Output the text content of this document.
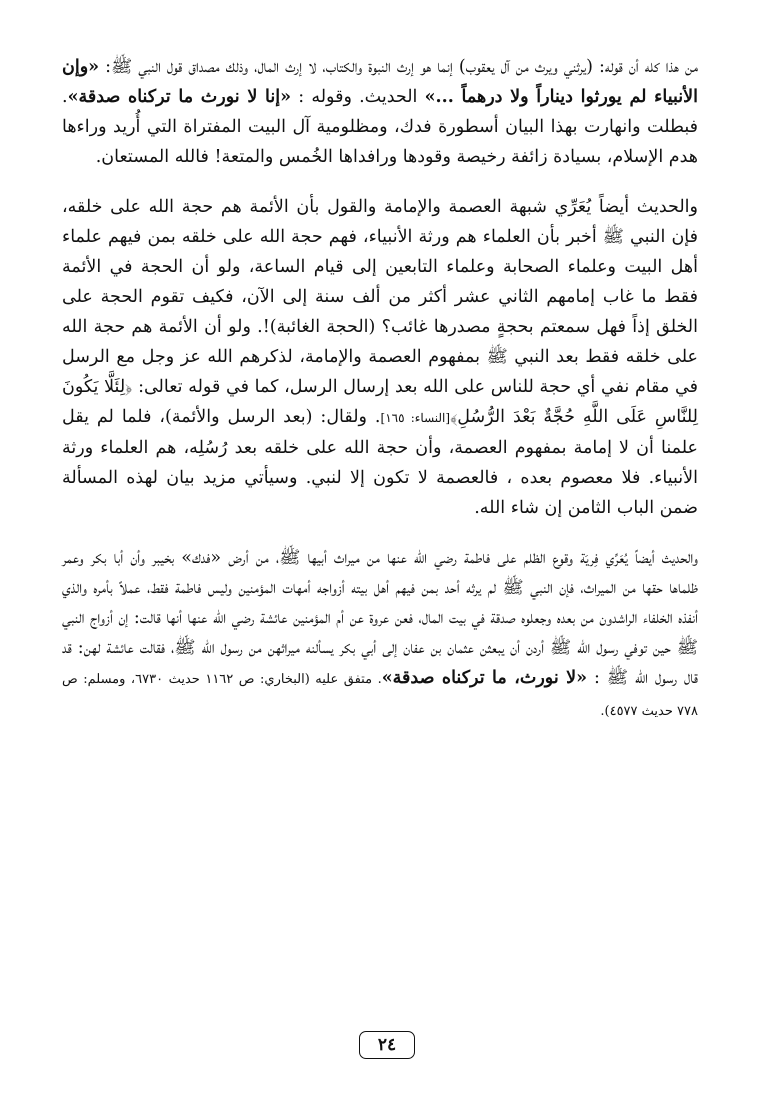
من هذا كله أن قوله: (يرثني ويرث من آل يعقوب) إنما هو إرث النبوة والكتاب، لا إرث المال، وذلك مصداق قول النبي ﷺ: «وإن الأنبياء لم يورثوا ديناراً ولا درهماً ...» الحديث. وقوله : «إنا لا نورث ما تركناه صدقة». فبطلت وانهارت بهذا البيان أسطورة فدك، ومظلومية آل البيت المفتراة التي أُريد وراءها هدم الإسلام، بسيادة زائفة رخيصة وقودها ورافداها الخُمس والمتعة! فالله المستعان.

والحديث أيضاً يُعَرِّي شبهة العصمة والإمامة والقول بأن الأئمة هم حجة الله على خلقه، فإن النبي ﷺ أخبر بأن العلماء هم ورثة الأنبياء، فهم حجة الله على خلقه بمن فيهم علماء أهل البيت وعلماء الصحابة وعلماء التابعين إلى قيام الساعة، ولو أن الحجة في الأئمة فقط ما غاب إمامهم الثاني عشر أكثر من ألف سنة إلى الآن، فكيف تقوم الحجة على الخلق إذاً فهل سمعتم بحجةٍ مصدرها غائب؟ (الحجة الغائبة)!. ولو أن الأئمة هم حجة الله على خلقه فقط بعد النبي ﷺ بمفهوم العصمة والإمامة، لذكرهم الله عز وجل مع الرسل في مقام نفي أي حجة للناس على الله بعد إرسال الرسل، كما في قوله تعالى: ﴿لِئَلَّا يَكُونَ لِلنَّاسِ عَلَى اللَّهِ حُجَّةٌ بَعْدَ الرُّسُلِ﴾[النساء: ١٦٥]. ولقال: (بعد الرسل والأئمة)، فلما لم يقل علمنا أن لا إمامة بمفهوم العصمة، وأن حجة الله على خلقه بعد رُسُلِه، هم العلماء ورثة الأنبياء. فلا معصوم بعده ، فالعصمة لا تكون إلا لنبي. وسيأتي مزيد بيان لهذه المسألة ضمن الباب الثامن إن شاء الله.

والحديث أيضاً يُعَرِّي فِريَة وقوع الظلم على فاطمة رضي الله عنها من ميراث أبيها ﷺ، من أرض «فدك» بخيبر وأن أبا بكر وعمر ظلماها حقها من الميراث، فإن النبي ﷺ لم يرثه أحد بمن فيهم أهل بيته أزواجه أمهات المؤمنين وليس فاطمة فقط، عملاً بأمره والذي أنفذه الخلفاء الراشدون من بعده وجعلوه صدقة في بيت المال، فعن عروة عن أم المؤمنين عائشة رضي الله عنها أنها قالت: إن أزواج النبي ﷺ حين توفي رسول الله ﷺ أردن أن يبعثن عثمان بن عفان إلى أبي بكر يسألنه ميراثهن من رسول الله ﷺ، فقالت عائشة لهن: قد قال رسول الله ﷺ : «لا نورث، ما تركناه صدقة». متفق عليه (البخاري: ص ١١٦٢ حديث ٦٧٣٠، ومسلم: ص ٧٧٨ حديث ٤٥٧٧).

٢٤
